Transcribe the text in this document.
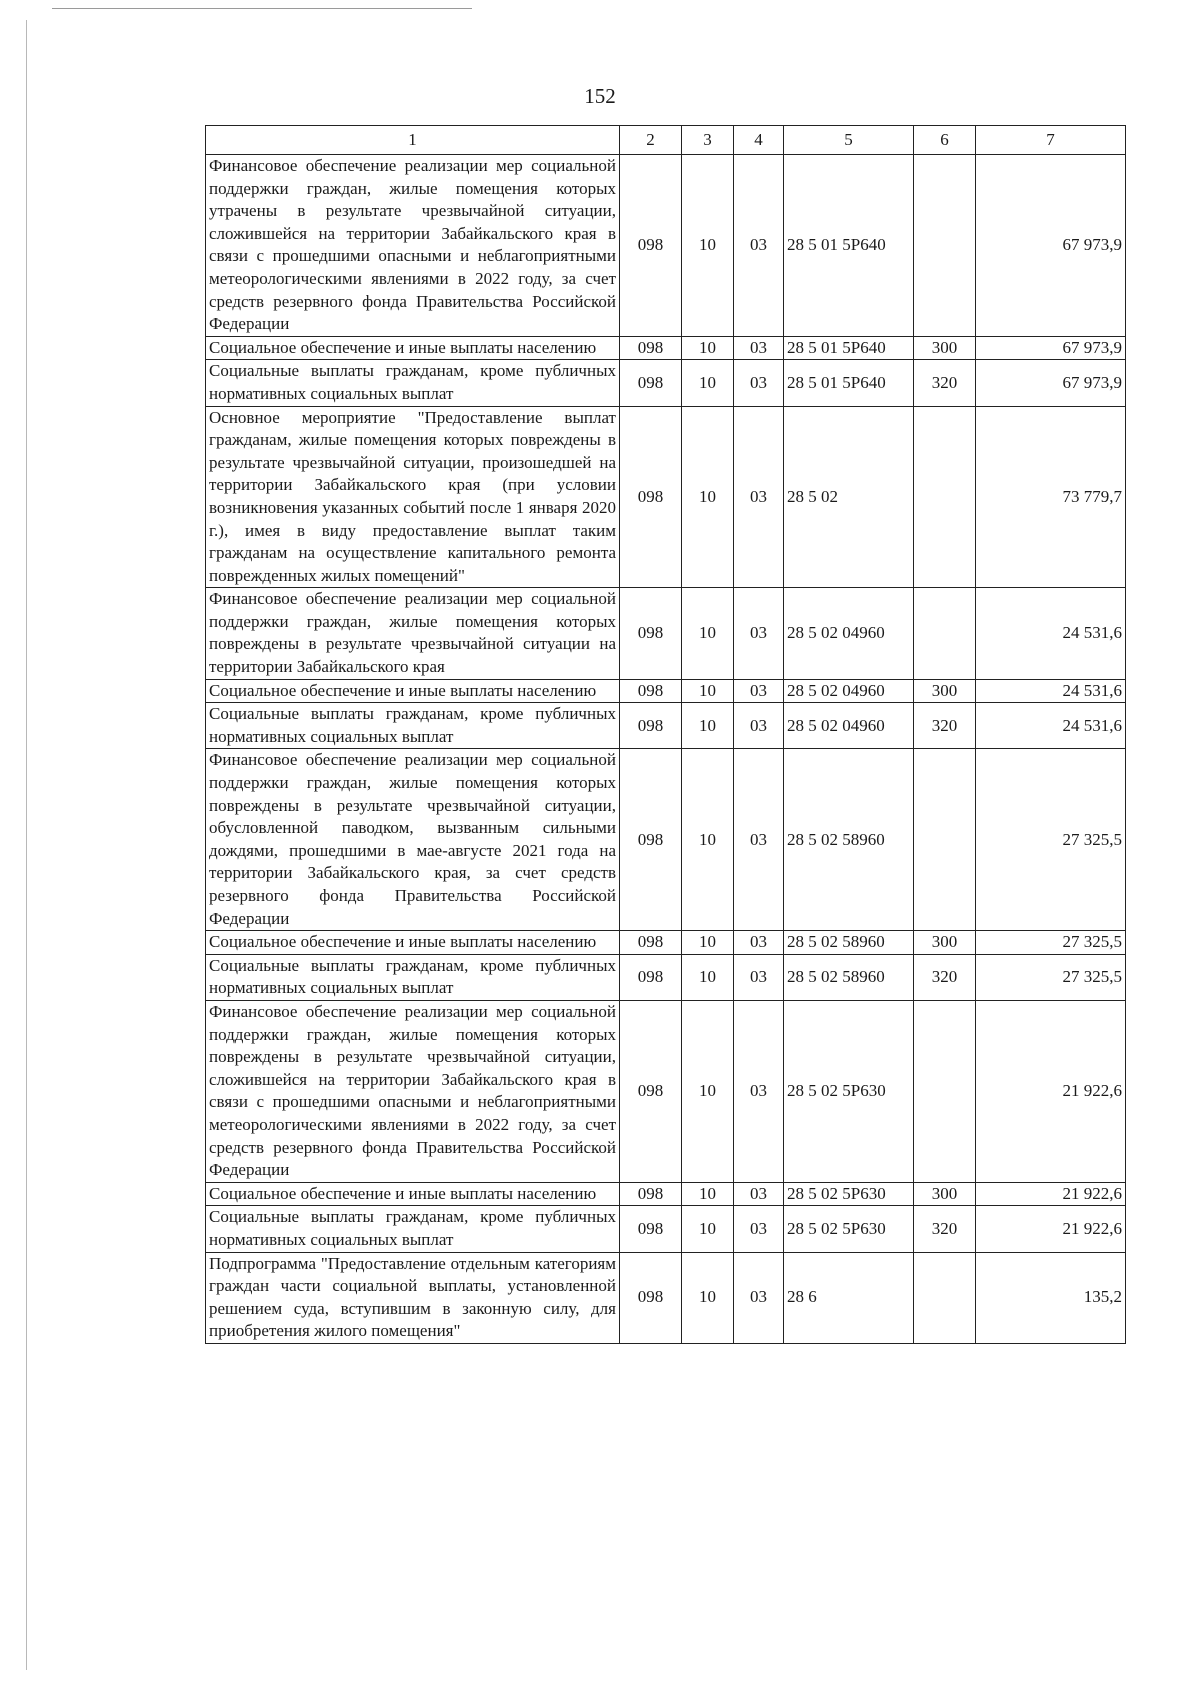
152
1	2	3	4	5	6	7
Финансовое обеспечение реализации мер социальной поддержки граждан, жилые помещения которых утрачены в результате чрезвычайной ситуации, сложившейся на территории Забайкальского края в связи с прошедшими опасными и неблагоприятными метеорологическими явлениями в 2022 году, за счет средств резервного фонда Правительства Российской Федерации	098	10	03	28 5 01 5Р640		67 973,9
Социальное обеспечение и иные выплаты населению	098	10	03	28 5 01 5Р640	300	67 973,9
Социальные выплаты гражданам, кроме публичных нормативных социальных выплат	098	10	03	28 5 01 5Р640	320	67 973,9
Основное мероприятие "Предоставление выплат гражданам, жилые помещения которых повреждены в результате чрезвычайной ситуации, произошедшей на территории Забайкальского края (при условии возникновения указанных событий после 1 января 2020 г.), имея в виду предоставление выплат таким гражданам на осуществление капитального ремонта поврежденных жилых помещений"	098	10	03	28 5 02		73 779,7
Финансовое обеспечение реализации мер социальной поддержки граждан, жилые помещения которых повреждены в результате чрезвычайной ситуации на территории Забайкальского края	098	10	03	28 5 02 04960		24 531,6
Социальное обеспечение и иные выплаты населению	098	10	03	28 5 02 04960	300	24 531,6
Социальные выплаты гражданам, кроме публичных нормативных социальных выплат	098	10	03	28 5 02 04960	320	24 531,6
Финансовое обеспечение реализации мер социальной поддержки граждан, жилые помещения которых повреждены в результате чрезвычайной ситуации, обусловленной паводком, вызванным сильными дождями, прошедшими в мае-августе 2021 года на территории Забайкальского края, за счет средств резервного фонда Правительства Российской Федерации	098	10	03	28 5 02 58960		27 325,5
Социальное обеспечение и иные выплаты населению	098	10	03	28 5 02 58960	300	27 325,5
Социальные выплаты гражданам, кроме публичных нормативных социальных выплат	098	10	03	28 5 02 58960	320	27 325,5
Финансовое обеспечение реализации мер социальной поддержки граждан, жилые помещения которых повреждены в результате чрезвычайной ситуации, сложившейся на территории Забайкальского края в связи с прошедшими опасными и неблагоприятными метеорологическими явлениями в 2022 году, за счет средств резервного фонда Правительства Российской Федерации	098	10	03	28 5 02 5Р630		21 922,6
Социальное обеспечение и иные выплаты населению	098	10	03	28 5 02 5Р630	300	21 922,6
Социальные выплаты гражданам, кроме публичных нормативных социальных выплат	098	10	03	28 5 02 5Р630	320	21 922,6
Подпрограмма "Предоставление отдельным категориям граждан части социальной выплаты, установленной решением суда, вступившим в законную силу, для приобретения жилого помещения"	098	10	03	28 6		135,2
